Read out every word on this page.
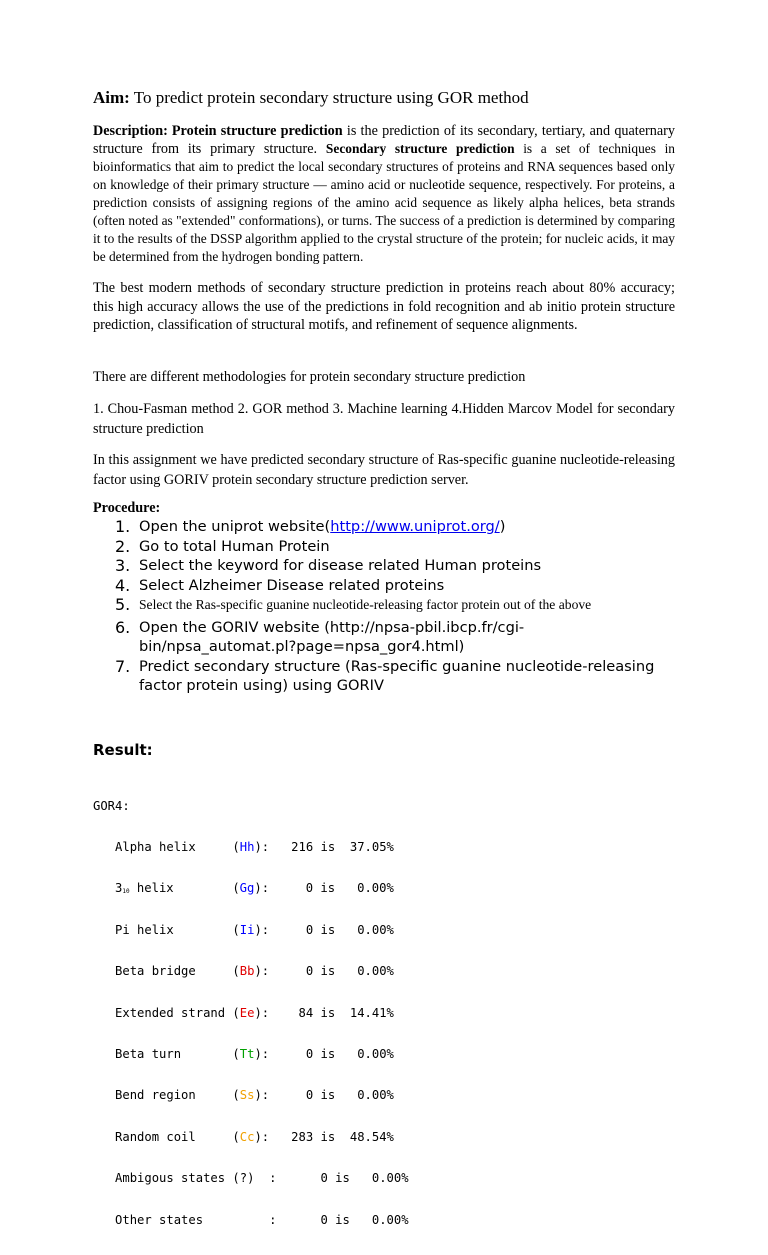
Aim: To predict protein secondary structure using GOR method
Description: Protein structure prediction is the prediction of its secondary, tertiary, and quaternary structure from its primary structure. Secondary structure prediction is a set of techniques in bioinformatics that aim to predict the local secondary structures of proteins and RNA sequences based only on knowledge of their primary structure — amino acid or nucleotide sequence, respectively. For proteins, a prediction consists of assigning regions of the amino acid sequence as likely alpha helices, beta strands (often noted as "extended" conformations), or turns. The success of a prediction is determined by comparing it to the results of the DSSP algorithm applied to the crystal structure of the protein; for nucleic acids, it may be determined from the hydrogen bonding pattern.
The best modern methods of secondary structure prediction in proteins reach about 80% accuracy; this high accuracy allows the use of the predictions in fold recognition and ab initio protein structure prediction, classification of structural motifs, and refinement of sequence alignments.
There are different methodologies for protein secondary structure prediction
1. Chou-Fasman method 2. GOR method 3. Machine learning 4.Hidden Marcov Model for secondary structure prediction
In this assignment we have predicted secondary structure of Ras-specific guanine nucleotide-releasing factor using GORIV protein secondary structure prediction server.
Procedure:
1. Open the uniprot website(http://www.uniprot.org/)
2. Go to total Human Protein
3. Select the keyword for disease related Human proteins
4. Select Alzheimer Disease related proteins
5. Select the Ras-specific guanine nucleotide-releasing factor protein out of the above
6. Open the GORIV website (http://npsa-pbil.ibcp.fr/cgi-bin/npsa_automat.pl?page=npsa_gor4.html)
7. Predict secondary structure (Ras-specific guanine nucleotide-releasing factor protein using) using GORIV
Result:

GOR4:

Alpha helix     (Hh):   216 is  37.05%

$3_{10}$ helix        (Gg):     0 is   0.00%

Pi helix        (Ii):     0 is   0.00%

Beta bridge     (Bb):     0 is   0.00%

Extended strand (Ee):    84 is  14.41%

Beta turn       (Tt):     0 is   0.00%

Bend region     (Ss):     0 is   0.00%

Random coil     (Cc):   283 is  48.54%

Ambigous states (?)  :      0 is   0.00%

Other states         :      0 is   0.00%
